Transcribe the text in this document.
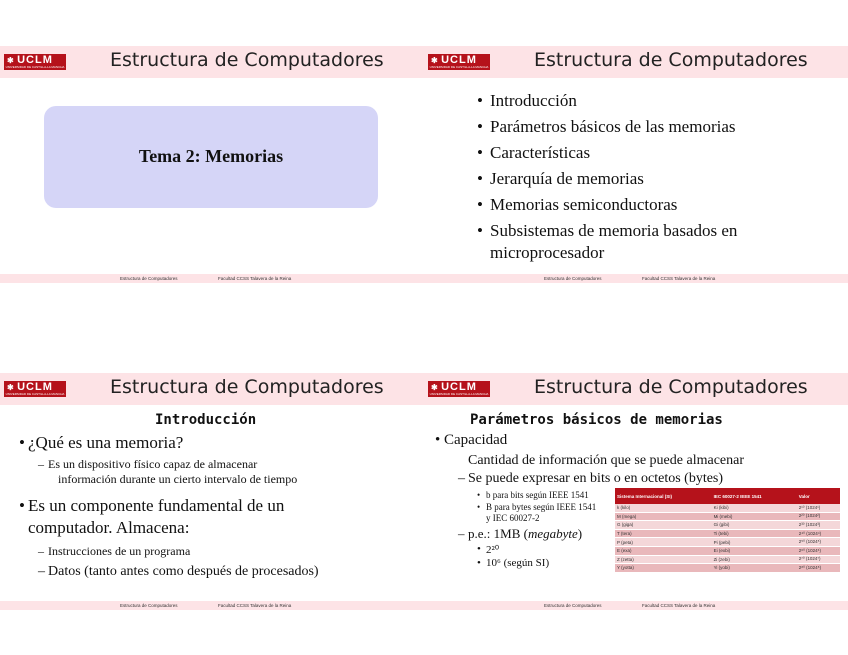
✱ UCLM
UNIVERSIDAD DE CASTILLA-LA MANCHA Estructura de Computadores
Tema 2: Memorias
Estructura de Computadores	Facultad CCSS Talavera de la Reina
✱ UCLM
UNIVERSIDAD DE CASTILLA-LA MANCHA Estructura de Computadores
• Introducción
• Parámetros básicos de las memorias
• Características
• Jerarquía de memorias
• Memorias semiconductoras
• Subsistemas de memoria basados en
microprocesador
Estructura de Computadores	Facultad CCSS Talavera de la Reina
✱ UCLM
UNIVERSIDAD DE CASTILLA-LA MANCHA Estructura de Computadores
Introducción
• ¿Qué es una memoria?
– Es un dispositivo físico capaz de almacenar
información durante un cierto intervalo de tiempo
• Es un componente fundamental de un
computador. Almacena:
– Instrucciones de un programa
– Datos (tanto antes como después de procesados)
Estructura de Computadores	Facultad CCSS Talavera de la Reina
✱ UCLM
UNIVERSIDAD DE CASTILLA-LA MANCHA Estructura de Computadores
Parámetros básicos de memorias
• Capacidad
Cantidad de información que se puede almacenar
– Se puede expresar en bits o en octetos (bytes)
• b para bits según IEEE 1541
• B para bytes según IEEE 1541
y IEC 60027-2
– p.e.: 1MB (megabyte)
• 2²⁰
• 10⁶ (según SI)
Sistema Internacional (SI)	IEC 60027-2 IEEE 1541	Valor
k (kilo)	Ki (kibi)	2¹⁰ (1024¹)
M (mega)	Mi (mebi)	2²⁰ (1024²)
G (giga)	Gi (gibi)	2³⁰ (1024³)
T (tera)	Ti (tebi)	2⁴⁰ (1024⁴)
P (peta)	Pi (pebi)	2⁵⁰ (1024⁵)
E (exa)	Ei (exbi)	2⁶⁰ (1024⁶)
Z (zetta)	Zi (zebi)	2⁷⁰ (1024⁷)
Y (yotta)	Yi (yobi)	2⁸⁰ (1024⁸)
Estructura de Computadores	Facultad CCSS Talavera de la Reina
